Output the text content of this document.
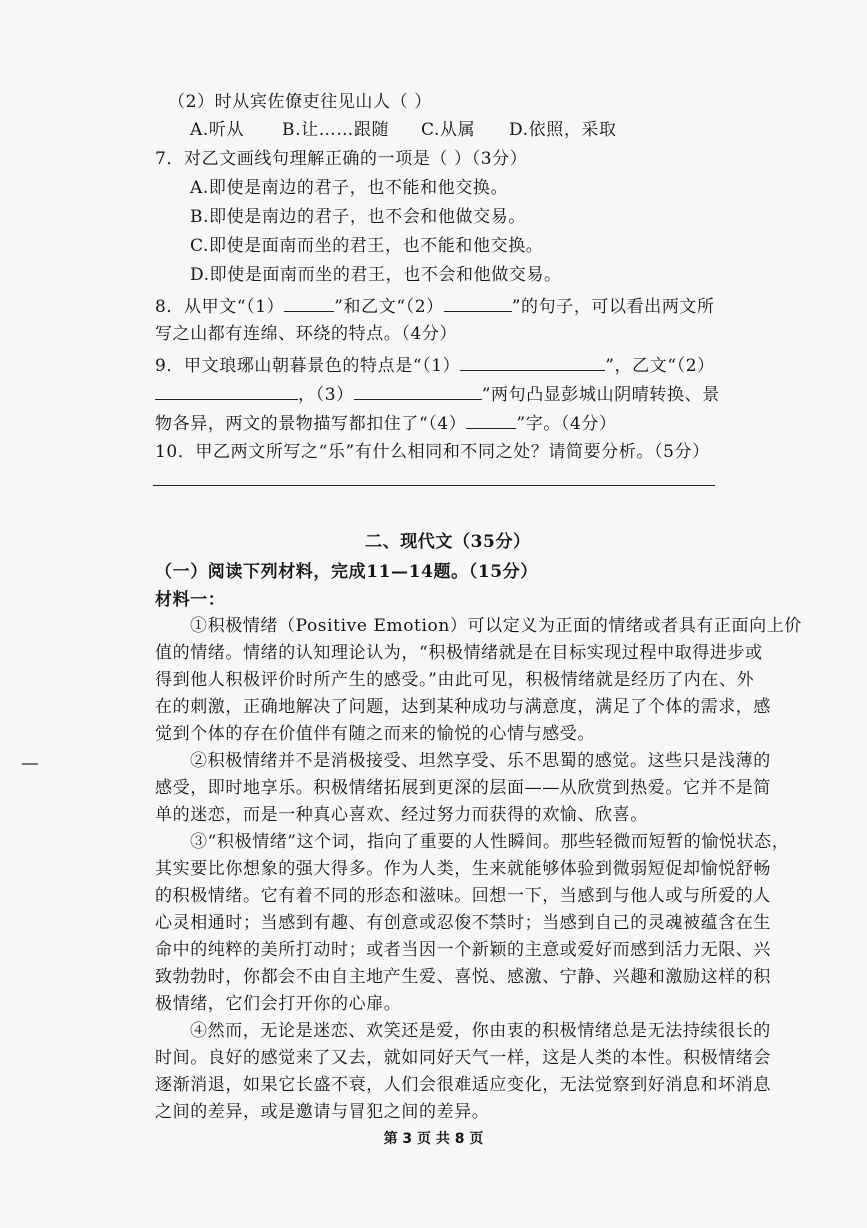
（2）时从宾佐僚吏往见山人（ ）
A.听从	B.让……跟随	C.从属	D.依照，采取
7．对乙文画线句理解正确的一项是（ ）（3分）
A.即使是南边的君子，也不能和他交换。
B.即使是南边的君子，也不会和他做交易。
C.即使是面南而坐的君王，也不能和他交换。
D.即使是面南而坐的君王，也不会和他做交易。
8．从甲文“（1）	”和乙文“（2）	”的句子，可以看出两文所
写之山都有连绵、环绕的特点。（4分）
9．甲文琅琊山朝暮景色的特点是“（1）	”，乙文“（2）
，（3）	”两句凸显彭城山阴晴转换、景
物各异，两文的景物描写都扣住了“（4）	”字。（4分）
10．甲乙两文所写之“乐”有什么相同和不同之处？请简要分析。（5分）
二、现代文（35分）
（一）阅读下列材料，完成11—14题。（15分）
材料一：
①积极情绪（Positive Emotion）可以定义为正面的情绪或者具有正面向上价
值的情绪。情绪的认知理论认为，“积极情绪就是在目标实现过程中取得进步或
得到他人积极评价时所产生的感受。”由此可见，积极情绪就是经历了内在、外
在的刺激，正确地解决了问题，达到某种成功与满意度，满足了个体的需求，感
觉到个体的存在价值伴有随之而来的愉悦的心情与感受。
②积极情绪并不是消极接受、坦然享受、乐不思蜀的感觉。这些只是浅薄的
感受，即时地享乐。积极情绪拓展到更深的层面——从欣赏到热爱。它并不是简
单的迷恋，而是一种真心喜欢、经过努力而获得的欢愉、欣喜。
③“积极情绪”这个词，指向了重要的人性瞬间。那些轻微而短暂的愉悦状态，
其实要比你想象的强大得多。作为人类，生来就能够体验到微弱短促却愉悦舒畅
的积极情绪。它有着不同的形态和滋味。回想一下，当感到与他人或与所爱的人
心灵相通时；当感到有趣、有创意或忍俊不禁时；当感到自己的灵魂被蕴含在生
命中的纯粹的美所打动时；或者当因一个新颖的主意或爱好而感到活力无限、兴
致勃勃时，你都会不由自主地产生爱、喜悦、感激、宁静、兴趣和激励这样的积
极情绪，它们会打开你的心扉。
④然而，无论是迷恋、欢笑还是爱，你由衷的积极情绪总是无法持续很长的
时间。良好的感觉来了又去，就如同好天气一样，这是人类的本性。积极情绪会
逐渐消退，如果它长盛不衰，人们会很难适应变化，无法觉察到好消息和坏消息
之间的差异，或是邀请与冒犯之间的差异。
第 3 页 共 8 页
